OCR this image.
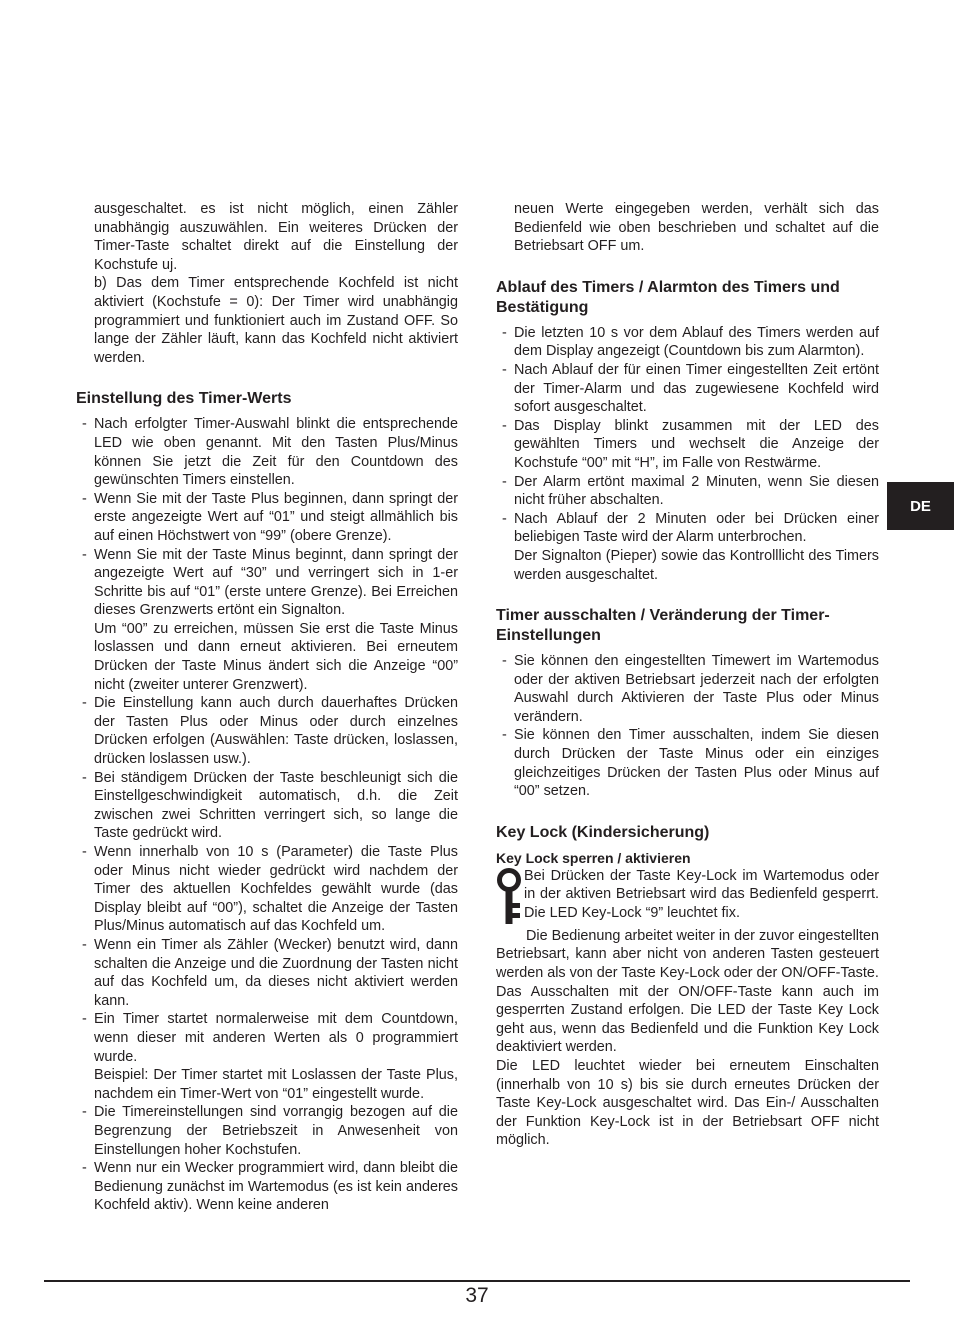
ausgeschaltet. es ist nicht möglich, einen Zähler unabhängig auszuwählen. Ein weiteres Drücken der Timer-Taste schaltet direkt auf die Einstellung der Kochstufe uj.

b) Das dem Timer entsprechende Kochfeld ist nicht aktiviert (Kochstufe = 0): Der Timer wird unabhängig programmiert und funktioniert auch im Zustand OFF. So lange der Zähler läuft, kann das Kochfeld nicht aktiviert werden.

Einstellung des Timer-Werts
- Nach erfolgter Timer-Auswahl blinkt die entsprechende LED wie oben genannt. Mit den Tasten Plus/Minus können Sie jetzt die Zeit für den Countdown des gewünschten Timers einstellen.

- Wenn Sie mit der Taste Plus beginnen, dann springt der erste angezeigte Wert auf “01” und steigt allmählich bis auf einen Höchstwert von “99” (obere Grenze).

- Wenn Sie mit der Taste Minus beginnt, dann springt der angezeigte Wert auf “30” und verringert sich in 1-er Schritte bis auf “01” (erste untere Grenze). Bei Erreichen dieses Grenzwerts ertönt ein Signalton.

Um “00” zu erreichen, müssen Sie erst die Taste Minus loslassen und dann erneut aktivieren. Bei erneutem Drücken der Taste Minus ändert sich die Anzeige “00” nicht (zweiter unterer Grenzwert).

- Die Einstellung kann auch durch dauerhaftes Drücken der Tasten Plus oder Minus oder durch einzelnes Drücken erfolgen (Auswählen: Taste drücken, loslassen, drücken loslassen usw.).

- Bei ständigem Drücken der Taste beschleunigt sich die Einstellgeschwindigkeit automatisch, d.h. die Zeit zwischen zwei Schritten verringert sich, so lange die Taste gedrückt wird.

- Wenn innerhalb von 10 s (Parameter) die Taste Plus oder Minus nicht wieder gedrückt wird nachdem der Timer des aktuellen Kochfeldes gewählt wurde (das Display bleibt auf “00”), schaltet die Anzeige der Tasten Plus/Minus automatisch auf das Kochfeld um.

- Wenn ein Timer als Zähler (Wecker) benutzt wird, dann schalten die Anzeige und die Zuordnung der Tasten nicht auf das Kochfeld um, da dieses nicht aktiviert werden kann.

- Ein Timer startet normalerweise mit dem Countdown, wenn dieser mit anderen Werten als 0 programmiert wurde.

Beispiel: Der Timer startet mit Loslassen der Taste Plus, nachdem ein Timer-Wert von “01” eingestellt wurde.

- Die Timereinstellungen sind vorrangig bezogen auf die Begrenzung der Betriebszeit in Anwesenheit von Einstellungen hoher Kochstufen.

- Wenn nur ein Wecker programmiert wird, dann bleibt die Bedienung zunächst im Wartemodus (es ist kein anderes Kochfeld aktiv). Wenn keine anderen

neuen Werte eingegeben werden, verhält sich das Bedienfeld wie oben beschrieben und schaltet auf die Betriebsart OFF um.

Ablauf des Timers / Alarmton des Timers und Bestätigung
- Die letzten 10 s vor dem Ablauf des Timers werden auf dem Display angezeigt (Countdown bis zum Alarmton).

- Nach Ablauf der für einen Timer eingestellten Zeit ertönt der Timer-Alarm und das zugewiesene Kochfeld wird sofort ausgeschaltet.

- Das Display blinkt zusammen mit der LED des gewählten Timers und wechselt die Anzeige der Kochstufe “00” mit “H”, im Falle von Restwärme.

- Der Alarm ertönt maximal 2 Minuten, wenn Sie diesen nicht früher abschalten.

- Nach Ablauf der 2 Minuten oder bei Drücken einer beliebigen Taste wird der Alarm unterbrochen.

Der Signalton (Pieper) sowie das Kontrolllicht des Timers werden ausgeschaltet.

Timer ausschalten / Veränderung der Timer-Einstellungen
- Sie können den eingestellten Timewert im Wartemodus oder der aktiven Betriebsart jederzeit nach der erfolgten Auswahl durch Aktivieren der Taste Plus oder Minus verändern.

- Sie können den Timer ausschalten, indem Sie diesen durch Drücken der Taste Minus oder ein einziges gleichzeitiges Drücken der Tasten Plus oder Minus auf “00” setzen.

Key Lock (Kindersicherung)
Key Lock sperren / aktivieren

Bei Drücken der Taste Key-Lock im Wartemodus oder in der aktiven Betriebsart wird das Bedienfeld gesperrt. Die LED Key-Lock “9” leuchtet fix.

Die Bedienung arbeitet weiter in der zuvor eingestellten Betriebsart, kann aber nicht von anderen Tasten gesteuert werden als von der Taste Key-Lock oder der ON/OFF-Taste.

Das Ausschalten mit der ON/OFF-Taste kann auch im gesperrten Zustand erfolgen. Die LED der Taste Key Lock geht aus, wenn das Bedienfeld und die Funktion Key Lock deaktiviert werden.

Die LED leuchtet wieder bei erneutem Einschalten (innerhalb von 10 s) bis sie durch erneutes Drücken der Taste Key-Lock ausgeschaltet wird. Das Ein-/ Ausschalten der Funktion Key-Lock ist in der Betriebsart OFF nicht möglich.

DE
37
